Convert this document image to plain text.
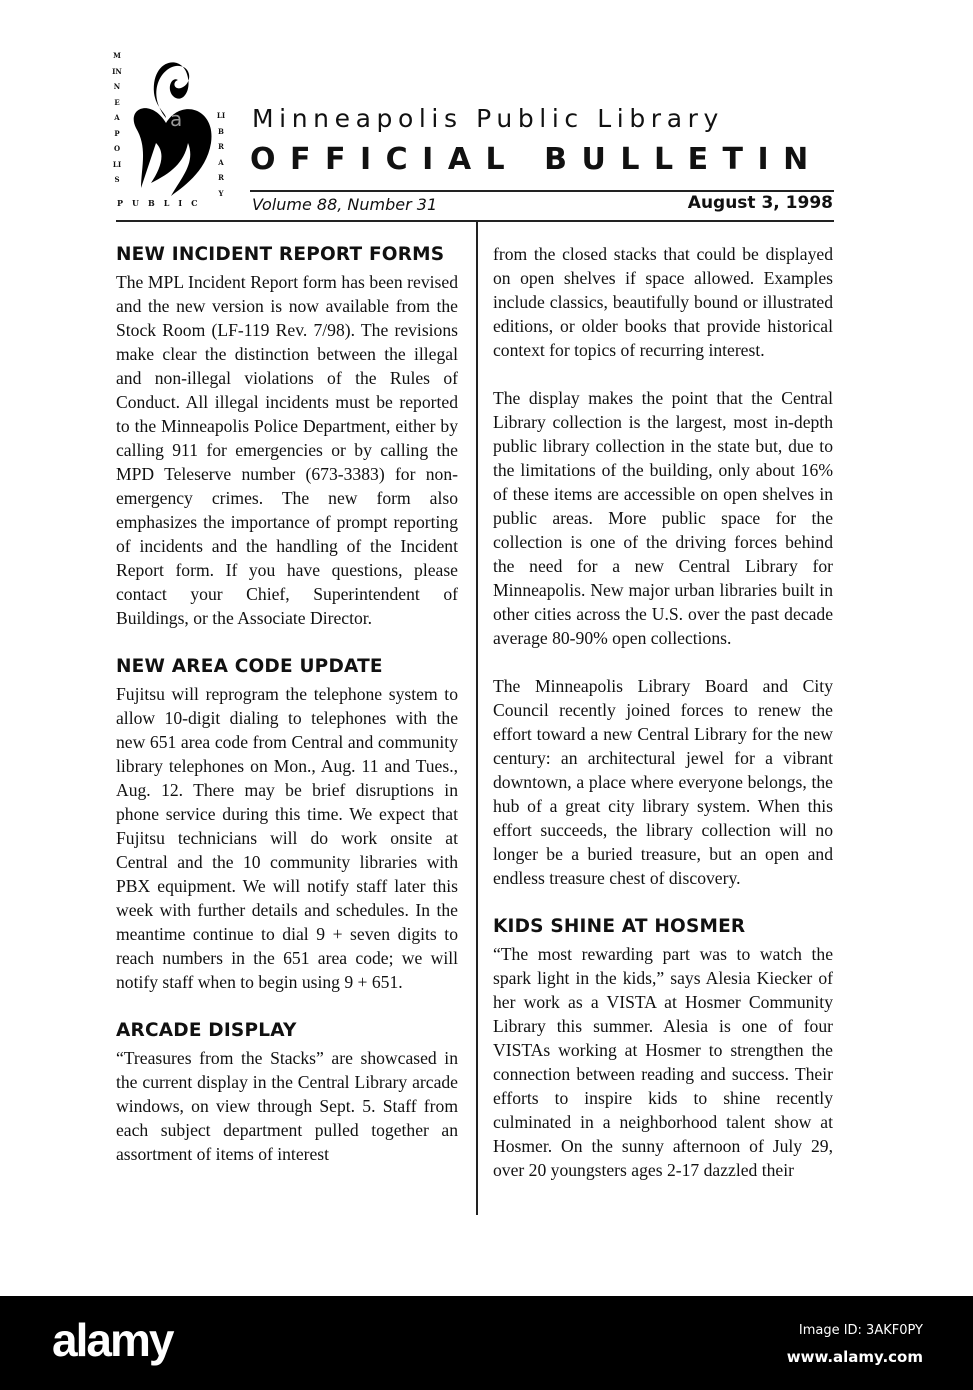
MINNEAPOLIS
LIBRARY
PUBLIC
a	Minneapolis Public Library
OFFICIAL BULLETIN
Volume 88, Number 31	August 3, 1998
NEW INCIDENT REPORT FORMS

The MPL Incident Report form has been revised and the new version is now available from the Stock Room (LF-119 Rev. 7/98). The revisions make clear the distinction between the illegal and non-illegal violations of the Rules of Conduct. All illegal incidents must be reported to the Minneapolis Police Department, either by calling 911 for emergencies or by calling the MPD Teleserve number (673-3383) for non-emergency crimes. The new form also emphasizes the importance of prompt reporting of incidents and the handling of the Incident Report form. If you have questions, please contact your Chief, Superintendent of Buildings, or the Associate Director.

NEW AREA CODE UPDATE

Fujitsu will reprogram the telephone system to allow 10-digit dialing to telephones with the new 651 area code from Central and community library telephones on Mon., Aug. 11 and Tues., Aug. 12. There may be brief disruptions in phone service during this time. We expect that Fujitsu technicians will do work onsite at Central and the 10 community libraries with PBX equipment. We will notify staff later this week with further details and schedules. In the meantime continue to dial 9 + seven digits to reach numbers in the 651 area code; we will notify staff when to begin using 9 + 651.

ARCADE DISPLAY

“Treasures from the Stacks” are showcased in the current display in the Central Library arcade windows, on view through Sept. 5. Staff from each subject department pulled together an assortment of items of interest

from the closed stacks that could be displayed on open shelves if space allowed. Examples include classics, beautifully bound or illustrated editions, or older books that provide historical context for topics of recurring interest.

The display makes the point that the Central Library collection is the largest, most in-depth public library collection in the state but, due to the limitations of the building, only about 16% of these items are accessible on open shelves in public areas. More public space for the collection is one of the driving forces behind the need for a new Central Library for Minneapolis. New major urban libraries built in other cities across the U.S. over the past decade average 80-90% open collections.

The Minneapolis Library Board and City Council recently joined forces to renew the effort toward a new Central Library for the new century: an architectural jewel for a vibrant downtown, a place where everyone belongs, the hub of a great city library system. When this effort succeeds, the library collection will no longer be a buried treasure, but an open and endless treasure chest of discovery.

KIDS SHINE AT HOSMER

“The most rewarding part was to watch the spark light in the kids,” says Alesia Kiecker of her work as a VISTA at Hosmer Community Library this summer. Alesia is one of four VISTAs working at Hosmer to strengthen the connection between reading and success. Their efforts to inspire kids to shine recently culminated in a neighborhood talent show at Hosmer. On the sunny afternoon of July 29, over 20 youngsters ages 2-17 dazzled their

alamy	Image ID: 3AKF0PY
www.alamy.com
